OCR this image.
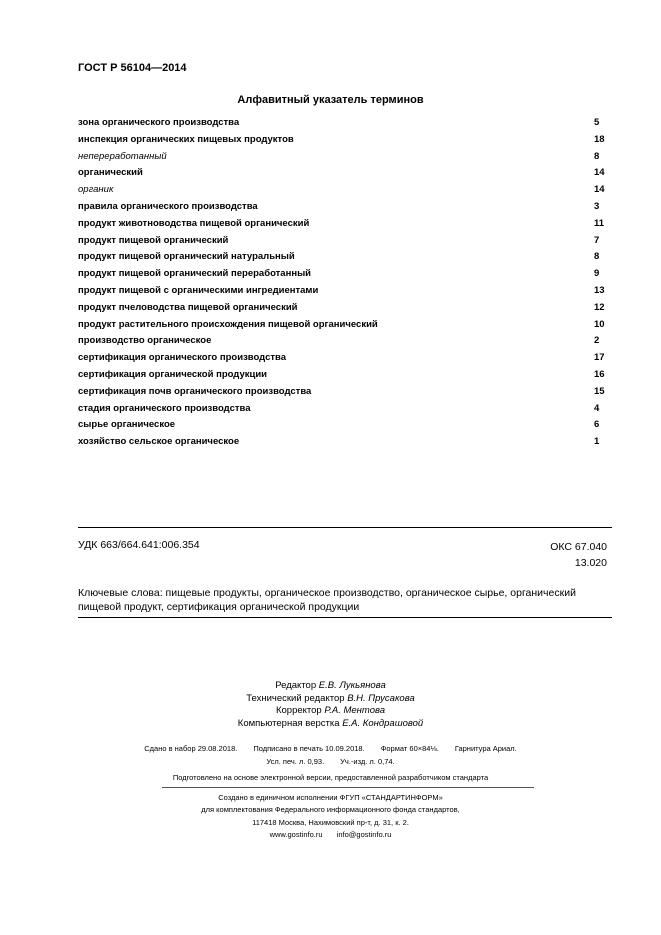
ГОСТ Р 56104—2014
Алфавитный указатель терминов
зона органического производства	5
инспекция органических пищевых продуктов	18
непереработанный	8
органический	14
органик	14
правила органического производства	3
продукт животноводства пищевой органический	11
продукт пищевой органический	7
продукт пищевой органический натуральный	8
продукт пищевой органический переработанный	9
продукт пищевой с органическими ингредиентами	13
продукт пчеловодства пищевой органический	12
продукт растительного происхождения пищевой органический	10
производство органическое	2
сертификация органического производства	17
сертификация органической продукции	16
сертификация почв органического производства	15
стадия органического производства	4
сырье органическое	6
хозяйство сельское органическое	1
УДК 663/664.641:006.354	ОКС 67.040
13.020
Ключевые слова: пищевые продукты, органическое производство, органическое сырье, органический пищевой продукт, сертификация органической продукции
Редактор Е.В. Лукьянова
Технический редактор В.Н. Прусакова
Корректор Р.А. Ментова
Компьютерная верстка Е.А. Кондрашовой
Сдано в набор 29.08.2018. Подписано в печать 10.09.2018. Формат 60×84⅛. Гарнитура Ариал.
Усл. печ. л. 0,93. Уч.-изд. л. 0,74.
Подготовлено на основе электронной версии, предоставленной разработчиком стандарта
Создано в единичном исполнении ФГУП «СТАНДАРТИНФОРМ»
для комплектования Федерального информационного фонда стандартов,
117418 Москва, Нахимовский пр-т, д. 31, к. 2.
www.gostinfo.ru info@gostinfo.ru
